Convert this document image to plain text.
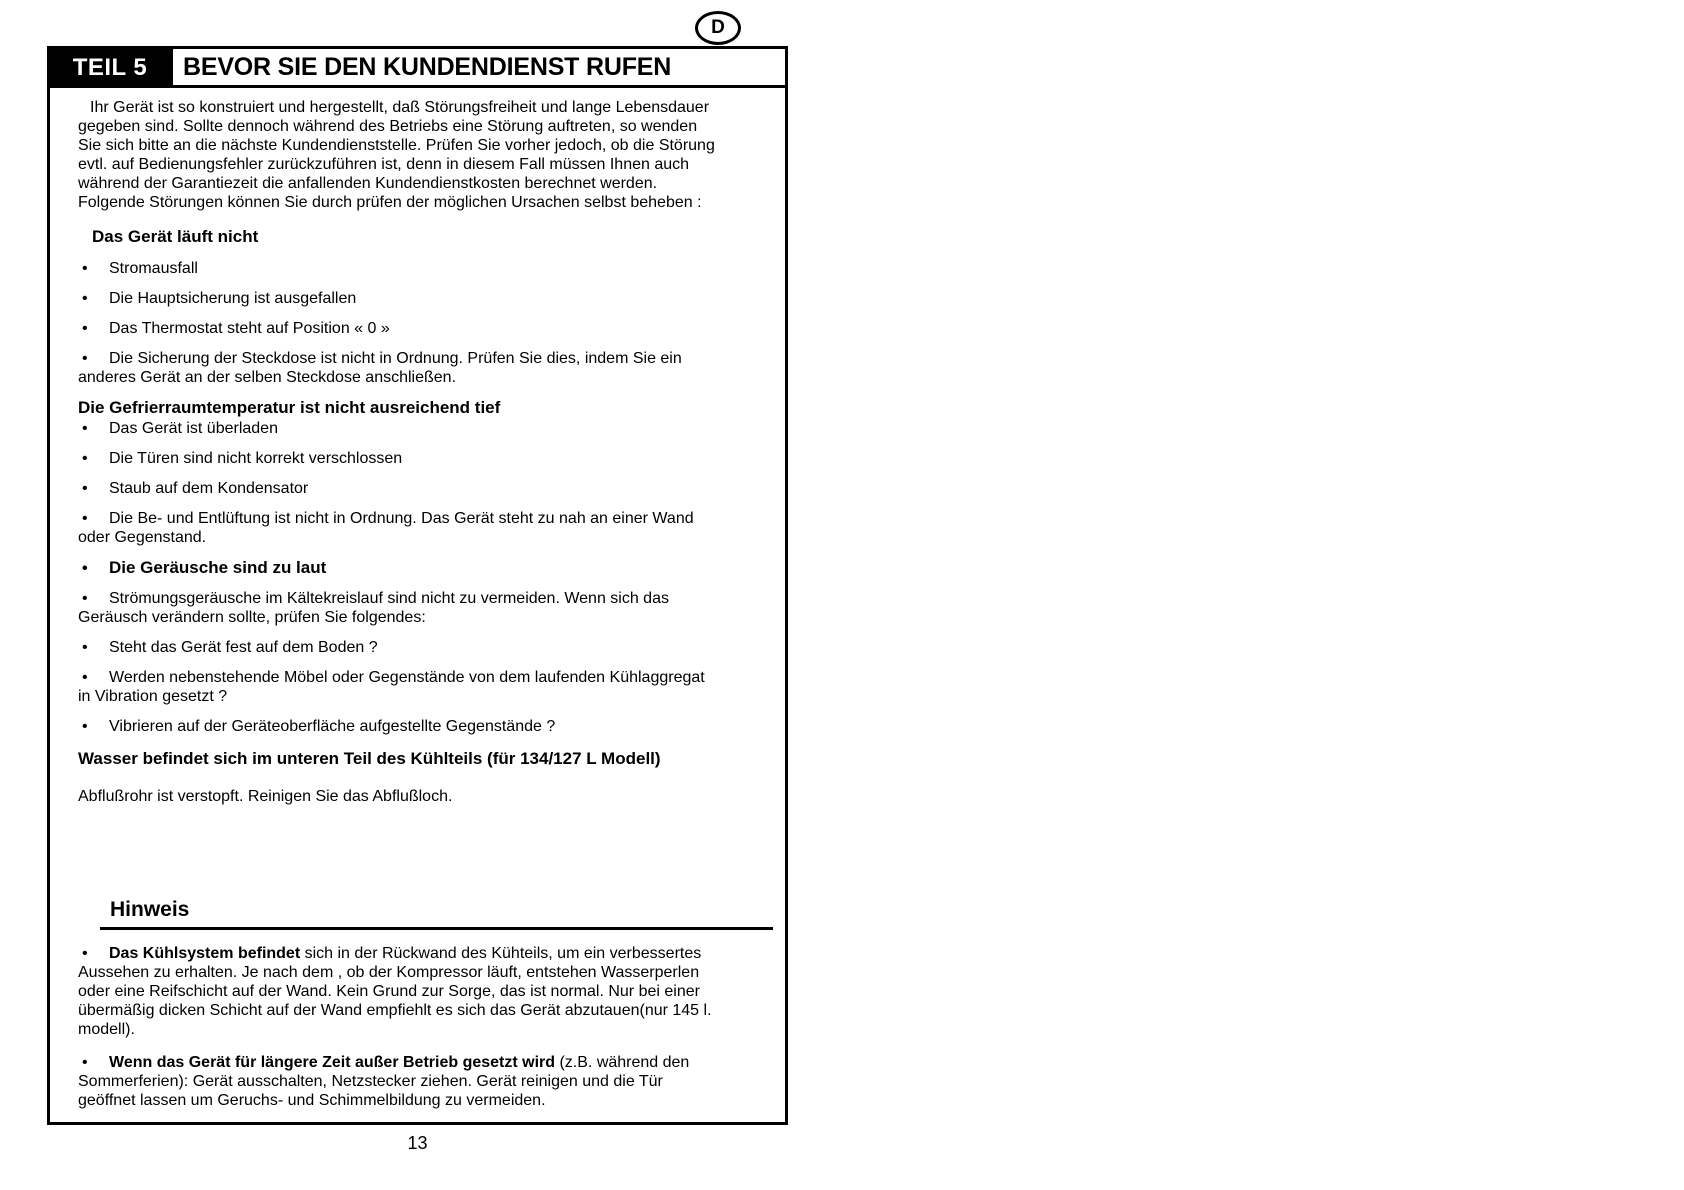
D
TEIL 5	BEVOR SIE DEN KUNDENDIENST RUFEN

Ihr Gerät ist so konstruiert und hergestellt, daß Störungsfreiheit und lange Lebensdauer gegeben sind. Sollte dennoch während des Betriebs eine Störung auftreten, so wenden Sie sich bitte an die nächste Kundendienststelle. Prüfen Sie vorher jedoch, ob die Störung evtl. auf Bedienungsfehler zurückzuführen ist, denn in diesem Fall müssen Ihnen auch während der Garantiezeit die anfallenden Kundendienstkosten berechnet werden. Folgende Störungen können Sie durch prüfen der möglichen Ursachen selbst beheben :

Das Gerät läuft nicht
• Stromausfall
• Die Hauptsicherung ist ausgefallen
• Das Thermostat steht auf Position « 0 »
• Die Sicherung der Steckdose ist nicht in Ordnung. Prüfen Sie dies, indem Sie ein anderes Gerät an der selben Steckdose anschließen.
Die Gefrierraumtemperatur ist nicht ausreichend tief
• Das Gerät ist überladen
• Die Türen sind nicht korrekt verschlossen
• Staub auf dem Kondensator
• Die Be- und Entlüftung ist nicht in Ordnung. Das Gerät steht zu nah an einer Wand oder Gegenstand.
• Die Geräusche sind zu laut
• Strömungsgeräusche im Kältekreislauf sind nicht zu vermeiden. Wenn sich das Geräusch verändern sollte, prüfen Sie folgendes:
• Steht das Gerät fest auf dem Boden ?
• Werden nebenstehende Möbel oder Gegenstände von dem laufenden Kühlaggregat in Vibration gesetzt ?
• Vibrieren auf der Geräteoberfläche aufgestellte Gegenstände ?
Wasser befindet sich im unteren Teil des Kühlteils (für 134/127 L Modell)

Abflußrohr ist verstopft. Reinigen Sie das Abflußloch.

Hinweis
• Das Kühlsystem befindet sich in der Rückwand des Kühteils, um ein verbessertes Aussehen zu erhalten. Je nach dem , ob der Kompressor läuft, entstehen Wasserperlen oder eine Reifschicht auf der Wand. Kein Grund zur Sorge, das ist normal. Nur bei einer übermäßig dicken Schicht auf der Wand empfiehlt es sich das Gerät abzutauen(nur 145 l. modell).
• Wenn das Gerät für längere Zeit außer Betrieb gesetzt wird (z.B. während den Sommerferien): Gerät ausschalten, Netzstecker ziehen. Gerät reinigen und die Tür geöffnet lassen um Geruchs- und Schimmelbildung zu vermeiden.
13
